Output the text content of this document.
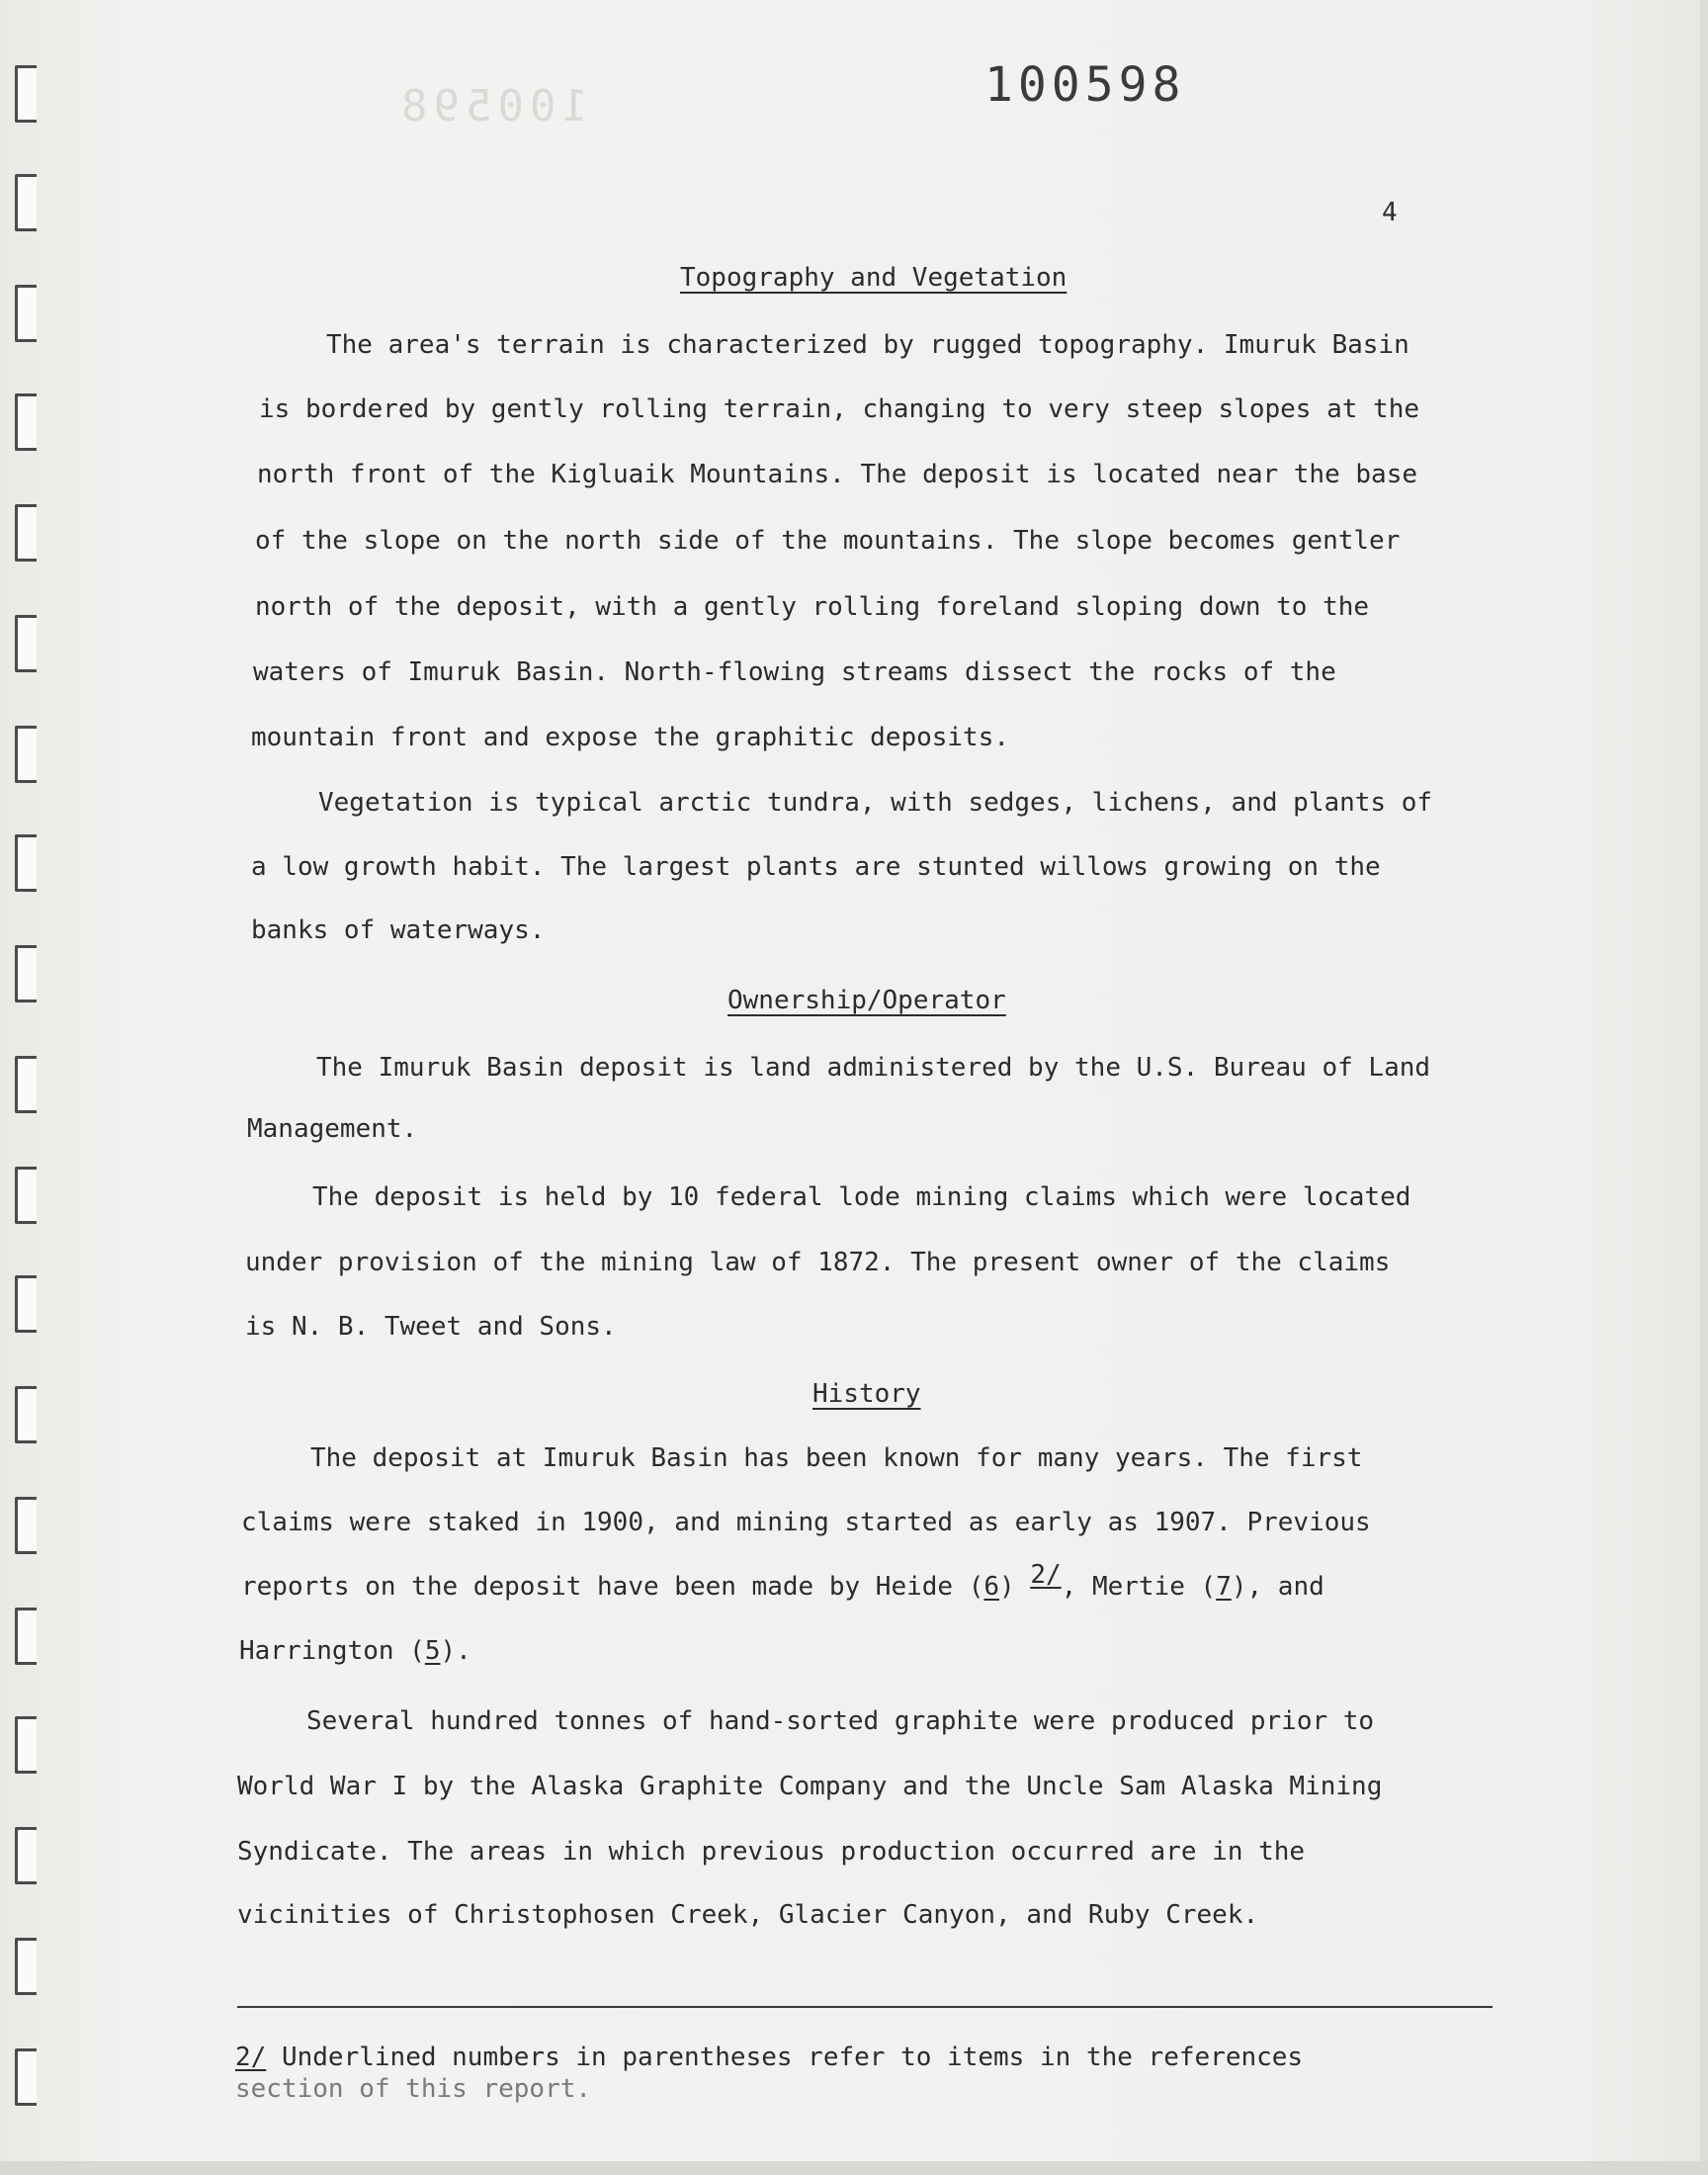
100598	100598
4
Topography and Vegetation
The area's terrain is characterized by rugged topography. Imuruk Basin
is bordered by gently rolling terrain, changing to very steep slopes at the
north front of the Kigluaik Mountains. The deposit is located near the base
of the slope on the north side of the mountains. The slope becomes gentler
north of the deposit, with a gently rolling foreland sloping down to the
waters of Imuruk Basin. North-flowing streams dissect the rocks of the
mountain front and expose the graphitic deposits.
Vegetation is typical arctic tundra, with sedges, lichens, and plants of
a low growth habit. The largest plants are stunted willows growing on the
banks of waterways.
Ownership/Operator
The Imuruk Basin deposit is land administered by the U.S. Bureau of Land
Management.
The deposit is held by 10 federal lode mining claims which were located
under provision of the mining law of 1872. The present owner of the claims
is N. B. Tweet and Sons.
History
The deposit at Imuruk Basin has been known for many years. The first
claims were staked in 1900, and mining started as early as 1907. Previous
reports on the deposit have been made by Heide (6) 2/, Mertie (7), and
Harrington (5).
Several hundred tonnes of hand-sorted graphite were produced prior to
World War I by the Alaska Graphite Company and the Uncle Sam Alaska Mining
Syndicate. The areas in which previous production occurred are in the
vicinities of Christophosen Creek, Glacier Canyon, and Ruby Creek.
2/ Underlined numbers in parentheses refer to items in the references
section of this report.
